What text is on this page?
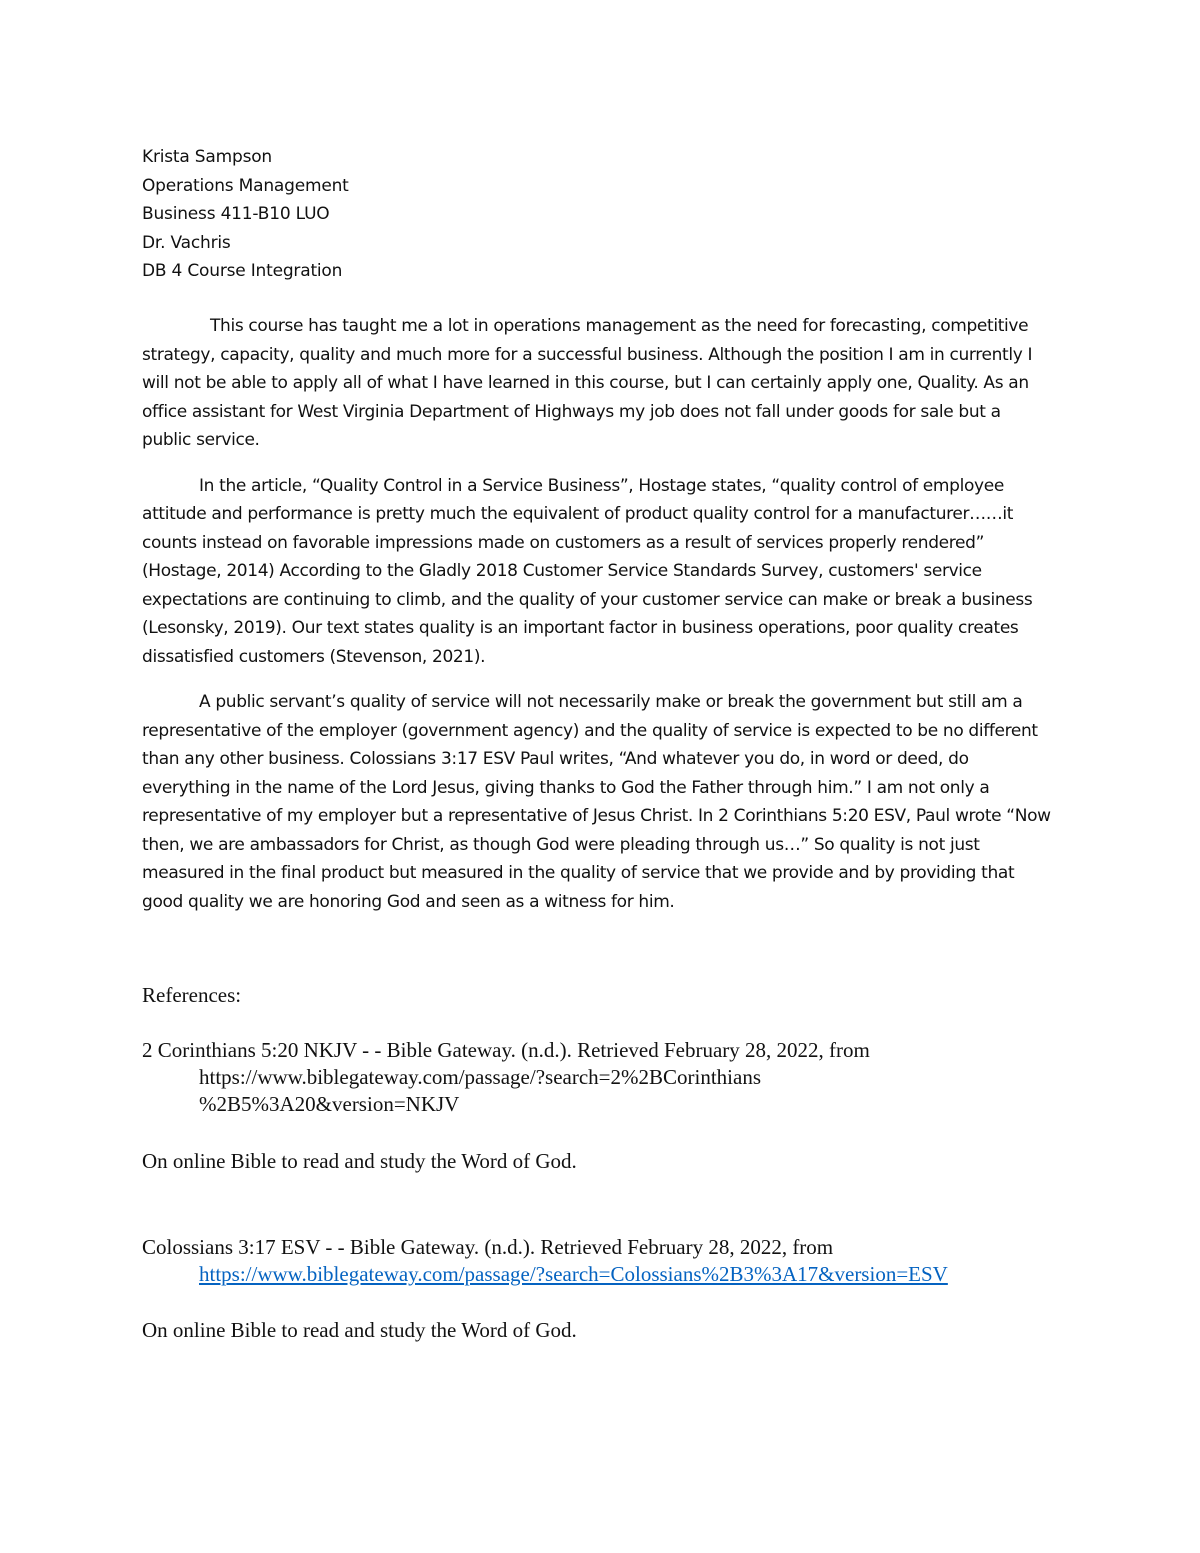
Krista Sampson
Operations Management
Business 411-B10 LUO
Dr. Vachris
DB 4 Course Integration

This course has taught me a lot in operations management as the need for forecasting, competitive strategy, capacity, quality and much more for a successful business. Although the position I am in currently I will not be able to apply all of what I have learned in this course, but I can certainly apply one, Quality. As an office assistant for West Virginia Department of Highways my job does not fall under goods for sale but a public service.

In the article, “Quality Control in a Service Business”, Hostage states, “quality control of employee attitude and performance is pretty much the equivalent of product quality control for a manufacturer……it counts instead on favorable impressions made on customers as a result of services properly rendered” (Hostage, 2014) According to the Gladly 2018 Customer Service Standards Survey, customers' service expectations are continuing to climb, and the quality of your customer service can make or break a business (Lesonsky, 2019). Our text states quality is an important factor in business operations, poor quality creates dissatisfied customers (Stevenson, 2021).

A public servant’s quality of service will not necessarily make or break the government but still am a representative of the employer (government agency) and the quality of service is expected to be no different than any other business. Colossians 3:17 ESV Paul writes, “And whatever you do, in word or deed, do everything in the name of the Lord Jesus, giving thanks to God the Father through him.” I am not only a representative of my employer but a representative of Jesus Christ. In 2 Corinthians 5:20 ESV, Paul wrote “Now then, we are ambassadors for Christ, as though God were pleading through us…” So quality is not just measured in the final product but measured in the quality of service that we provide and by providing that good quality we are honoring God and seen as a witness for him.

References:
2 Corinthians 5:20 NKJV - - Bible Gateway. (n.d.). Retrieved February 28, 2022, from
https://www.biblegateway.com/passage/?search=2%2BCorinthians
%2B5%3A20&version=NKJV
On online Bible to read and study the Word of God.
Colossians 3:17 ESV - - Bible Gateway. (n.d.). Retrieved February 28, 2022, from
https://www.biblegateway.com/passage/?search=Colossians%2B3%3A17&version=ESV
On online Bible to read and study the Word of God.
